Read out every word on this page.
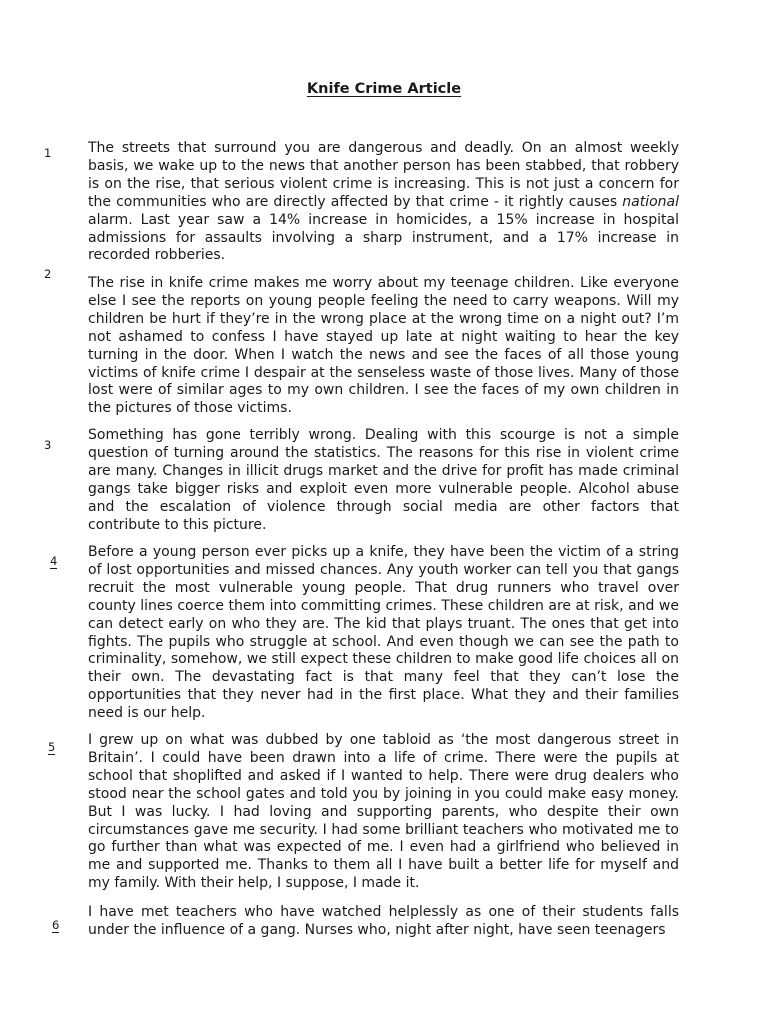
Knife Crime Article
1	The streets that surround you are dangerous and deadly. On an almost weekly basis, we wake up to the news that another person has been stabbed, that robbery is on the rise, that serious violent crime is increasing. This is not just a concern for the communities who are directly affected by that crime - it rightly causes national alarm. Last year saw a 14% increase in homicides, a 15% increase in hospital admissions for assaults involving a sharp instrument, and a 17% increase in recorded robberies.

2

The rise in knife crime makes me worry about my teenage children. Like everyone else I see the reports on young people feeling the need to carry weapons. Will my children be hurt if they’re in the wrong place at the wrong time on a night out? I’m not ashamed to confess I have stayed up late at night waiting to hear the key turning in the door. When I watch the news and see the faces of all those young victims of knife crime I despair at the senseless waste of those lives. Many of those lost were of similar ages to my own children. I see the faces of my own children in the pictures of those victims.

3

Something has gone terribly wrong. Dealing with this scourge is not a simple question of turning around the statistics. The reasons for this rise in violent crime are many. Changes in illicit drugs market and the drive for profit has made criminal gangs take bigger risks and exploit even more vulnerable people. Alcohol abuse and the escalation of violence through social media are other factors that contribute to this picture.

4

Before a young person ever picks up a knife, they have been the victim of a string of lost opportunities and missed chances. Any youth worker can tell you that gangs recruit the most vulnerable young people. That drug runners who travel over county lines coerce them into committing crimes. These children are at risk, and we can detect early on who they are. The kid that plays truant. The ones that get into fights. The pupils who struggle at school. And even though we can see the path to criminality, somehow, we still expect these children to make good life choices all on their own. The devastating fact is that many feel that they can’t lose the opportunities that they never had in the first place. What they and their families need is our help.

5 I grew up on what was dubbed by one tabloid as ‘the most dangerous street in Britain’. I could have been drawn into a life of crime. There were the pupils at school that shoplifted and asked if I wanted to help. There were drug dealers who stood near the school gates and told you by joining in you could make easy money. But I was lucky. I had loving and supporting parents, who despite their own circumstances gave me security. I had some brilliant teachers who motivated me to go further than what was expected of me. I even had a girlfriend who believed in me and supported me. Thanks to them all I have built a better life for myself and my family. With their help, I suppose, I made it.

6

I have met teachers who have watched helplessly as one of their students falls under the influence of a gang. Nurses who, night after night, have seen teenagers
